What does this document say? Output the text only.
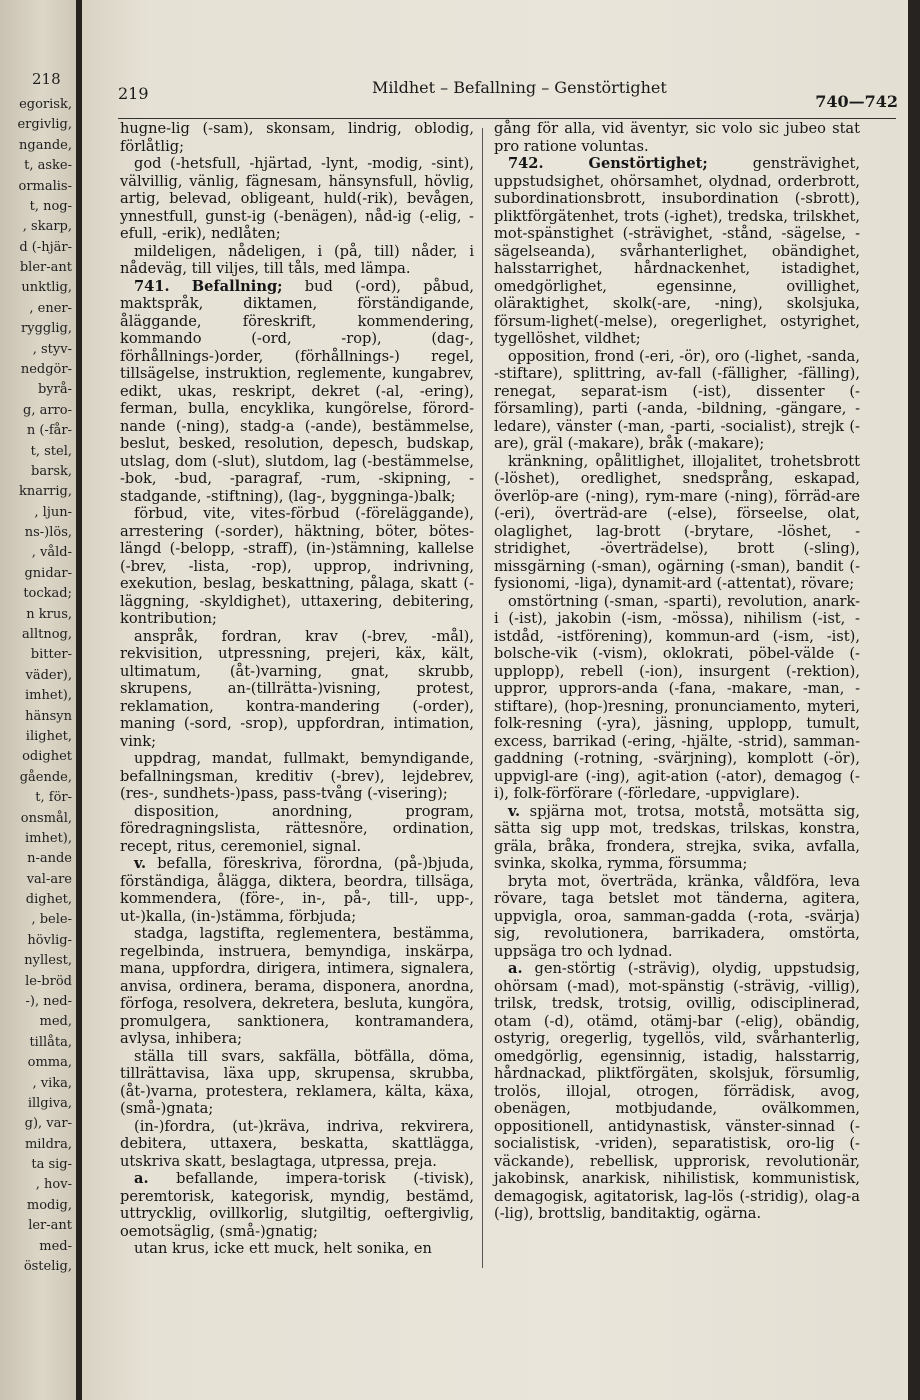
218
egorisk,
ergivlig,
ngande,
t, aske-
ormalis-
t, nog-
, skarp,
d (-hjär-
bler-ant
unktlig,
, ener-
rygglig,
, styv-
nedgör-
byrå-
g, arro-
n (-får-
t, stel,
barsk,
knarrig,
, ljun-
ns-)lös,
, våld-
gnidar-
tockad;
n krus,
alltnog,
bitter-
väder),
imhet),
hänsyn
ilighet,
odighet
gående,
t, för-
onsmål,
imhet),
n-ande
val-are
dighet,
, bele-
hövlig-
nyllest,
le-bröd
-), ned-
med,
tillåta,
omma,
, vika,
illgiva,
g), var-
mildra,
ta sig-
, hov-
modig,
ler-ant
med-
östelig,
219	Mildhet – Befallning – Genstörtighet
740—742

hugne-lig (-sam), skonsam, lindrig, oblodig, förlåtlig;

god (-hetsfull, -hjärtad, -lynt, -modig, -sint), välvillig, vänlig, fägnesam, hänsynsfull, hövlig, artig, belevad, obligeant, huld(-rik), bevågen, ynnestfull, gunst-ig (-benägen), nåd-ig (-elig, -efull, -erik), nedlåten;

mildeligen, nådeligen, i (på, till) nåder, i nådeväg, till viljes, till tåls, med lämpa.

741. Befallning; bud (-ord), påbud, maktspråk, diktamen, förständigande, åläggande, föreskrift, kommendering, kommando (-ord, -rop), (dag-, förhållnings-)order, (förhållnings-) regel, tillsägelse, instruktion, reglemente, kungabrev, edikt, ukas, reskript, dekret (-al, -ering), ferman, bulla, encyklika, kungörelse, förord-nande (-ning), stadg-a (-ande), bestämmelse, beslut, besked, resolution, depesch, budskap, utslag, dom (-slut), slutdom, lag (-bestämmelse, -bok, -bud, -paragraf, -rum, -skipning, -stadgande, -stiftning), (lag-, byggninga-)balk;

förbud, vite, vites-förbud (-föreläggande), arrestering (-sorder), häktning, böter, bötes-längd (-belopp, -straff), (in-)stämning, kallelse (-brev, -lista, -rop), upprop, indrivning, exekution, beslag, beskattning, pålaga, skatt (-läggning, -skyldighet), uttaxering, debitering, kontribution;

anspråk, fordran, krav (-brev, -mål), rekvisition, utpressning, prejeri, käx, kält, ultimatum, (åt-)varning, gnat, skrubb, skrupens, an-(tillrätta-)visning, protest, reklamation, kontra-mandering (-order), maning (-sord, -srop), uppfordran, intimation, vink;

uppdrag, mandat, fullmakt, bemyndigande, befallningsman, kreditiv (-brev), lejdebrev, (res-, sundhets-)pass, pass-tvång (-visering);

disposition, anordning, program, föredragningslista, rättesnöre, ordination, recept, ritus, ceremoniel, signal.

v. befalla, föreskriva, förordna, (på-)bjuda, förständiga, ålägga, diktera, beordra, tillsäga, kommendera, (före-, in-, på-, till-, upp-, ut-)kalla, (in-)stämma, förbjuda;

stadga, lagstifta, reglementera, bestämma, regelbinda, instruera, bemyndiga, inskärpa, mana, uppfordra, dirigera, intimera, signalera, anvisa, ordinera, berama, disponera, anordna, förfoga, resolvera, dekretera, besluta, kungöra, promulgera, sanktionera, kontramandera, avlysa, inhibera;

ställa till svars, sakfälla, bötfälla, döma, tillrättavisa, läxa upp, skrupensa, skrubba, (åt-)varna, protestera, reklamera, kälta, käxa, (små-)gnata;

(in-)fordra, (ut-)kräva, indriva, rekvirera, debitera, uttaxera, beskatta, skattlägga, utskriva skatt, beslagtaga, utpressa, preja.

a. befallande, impera-torisk (-tivisk), peremtorisk, kategorisk, myndig, bestämd, uttrycklig, ovillkorlig, slutgiltig, oeftergivlig, oemotsäglig, (små-)gnatig;

utan krus, icke ett muck, helt sonika, en

gång för alla, vid äventyr, sic volo sic jubeo stat pro ratione voluntas.

742.	Genstörtighet; gensträvighet, uppstudsighet, ohörsamhet, olydnad, orderbrott, subordinationsbrott, insubordination (-sbrott), pliktförgätenhet, trots (-ighet), tredska, trilskhet, mot-spänstighet (-strävighet, -stånd, -sägelse, -sägelseanda), svårhanterlighet, obändighet, halsstarrighet, hårdnackenhet, istadighet, omedgörlighet, egensinne, ovillighet, oläraktighet, skolk(-are, -ning), skolsjuka, försum-lighet(-melse), oregerlighet, ostyrighet, tygellöshet, vildhet;

opposition, frond (-eri, -ör), oro (-lighet, -sanda, -stiftare), splittring, av-fall (-fälligher, -fälling), renegat, separat-ism (-ist), dissenter (-församling), parti (-anda, -bildning, -gängare, -ledare), vänster (-man, -parti, -socialist), strejk (-are), gräl (-makare), bråk (-makare);

kränkning, opålitlighet, illojalitet, trohetsbrott (-löshet), oredlighet, snedsprång, eskapad, överlöp-are (-ning), rym-mare (-ning), förräd-are (-eri), överträd-are (-else), förseelse, olat, olaglighet, lag-brott (-brytare, -löshet, -stridighet, -överträdelse), brott (-sling), missgärning (-sman), ogärning (-sman), bandit (-fysionomi, -liga), dynamit-ard (-attentat), rövare;

omstörtning (-sman, -sparti), revolution, anark-i (-ist), jakobin (-ism, -mössa), nihilism (-ist, -istdåd, -istförening), kommun-ard (-ism, -ist), bolsche-vik (-vism), oklokrati, pöbel-välde (-upplopp), rebell (-ion), insurgent (-rektion), uppror, upprors-anda (-fana, -makare, -man, -stiftare), (hop-)resning, pronunciamento, myteri, folk-resning (-yra), jäsning, upplopp, tumult, excess, barrikad (-ering, -hjälte, -strid), samman-gaddning (-rotning, -svärjning), komplott (-ör), uppvigl-are (-ing), agit-ation (-ator), demagog (-i), folk-förförare (-förledare, -uppviglare).

v. spjärna mot, trotsa, motstå, motsätta sig, sätta sig upp mot, tredskas, trilskas, konstra, gräla, bråka, frondera, strejka, svika, avfalla, svinka, skolka, rymma, försumma;

bryta mot, överträda, kränka, våldföra, leva rövare, taga betslet mot tänderna, agitera, uppvigla, oroa, samman-gadda (-rota, -svärja) sig, revolutionera, barrikadera, omstörta, uppsäga tro och lydnad.

a. gen-störtig (-strävig), olydig, uppstudsig, ohörsam (-mad), mot-spänstig (-strävig, -villig), trilsk, tredsk, trotsig, ovillig, odisciplinerad, otam (-d), otämd, otämj-bar (-elig), obändig, ostyrig, oregerlig, tygellös, vild, svårhanterlig, omedgörlig, egensinnig, istadig, halsstarrig, hårdnackad, pliktförgäten, skolsjuk, försumlig, trolös, illojal, otrogen, förrädisk, avog, obenägen, motbjudande, ovälkommen, oppositionell, antidynastisk, vänster-sinnad (-socialistisk, -vriden), separatistisk, oro-lig (-väckande), rebellisk, upprorisk, revolutionär, jakobinsk, anarkisk, nihilistisk, kommunistisk, demagogisk, agitatorisk, lag-lös (-stridig), olag-a (-lig), brottslig, banditaktig, ogärna.
